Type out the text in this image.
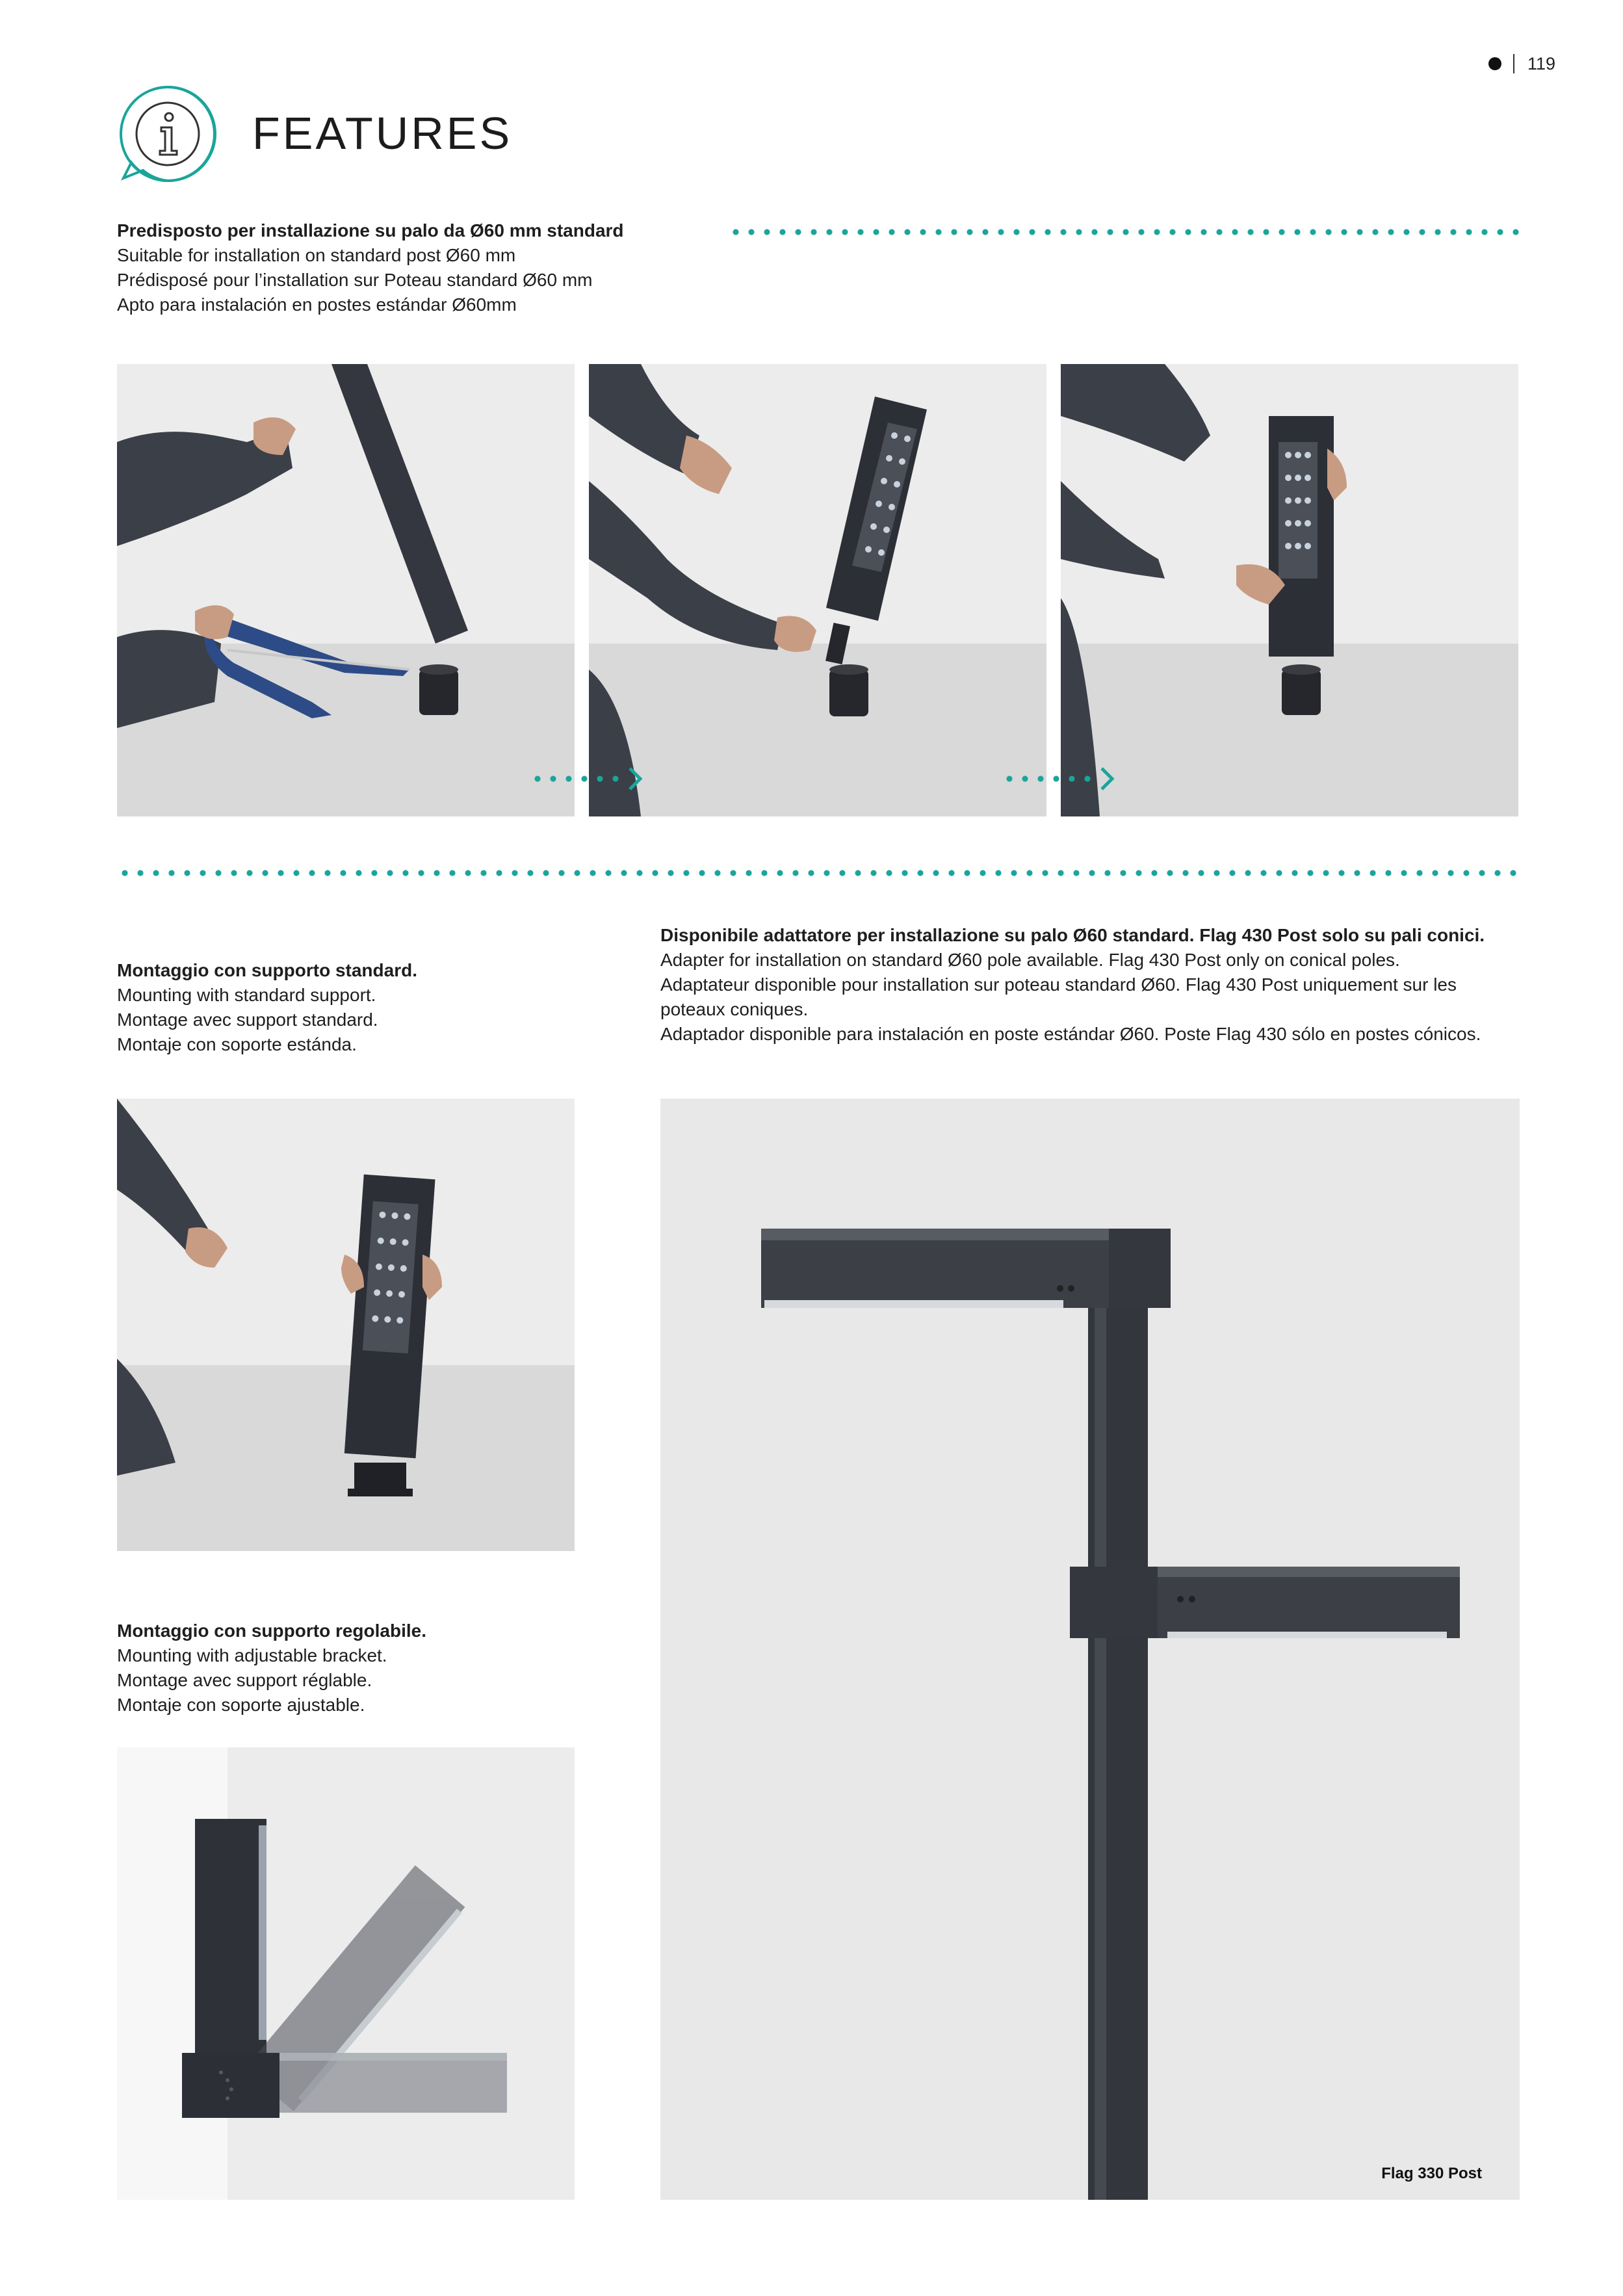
119
FEATURES
Predisposto per installazione su palo da Ø60 mm standard
Suitable for installation on standard post Ø60 mm
Prédisposé pour l’installation sur Poteau standard Ø60 mm
Apto para instalación en postes estándar Ø60mm
Montaggio con supporto standard.
Mounting with standard support.
Montage avec support standard.
Montaje con soporte estánda.
Disponibile adattatore per installazione su palo Ø60 standard. Flag 430 Post solo su pali conici.
Adapter for installation on standard Ø60 pole available. Flag 430 Post only on conical poles.
Adaptateur disponible pour installation sur poteau standard Ø60. Flag 430 Post uniquement sur les poteaux coniques.
Adaptador disponible para instalación en poste estándar Ø60. Poste Flag 430 sólo en postes cónicos.
Montaggio con supporto regolabile.
Mounting with adjustable bracket.
Montage avec support réglable.
Montaje con soporte ajustable.
Flag 330 Post
